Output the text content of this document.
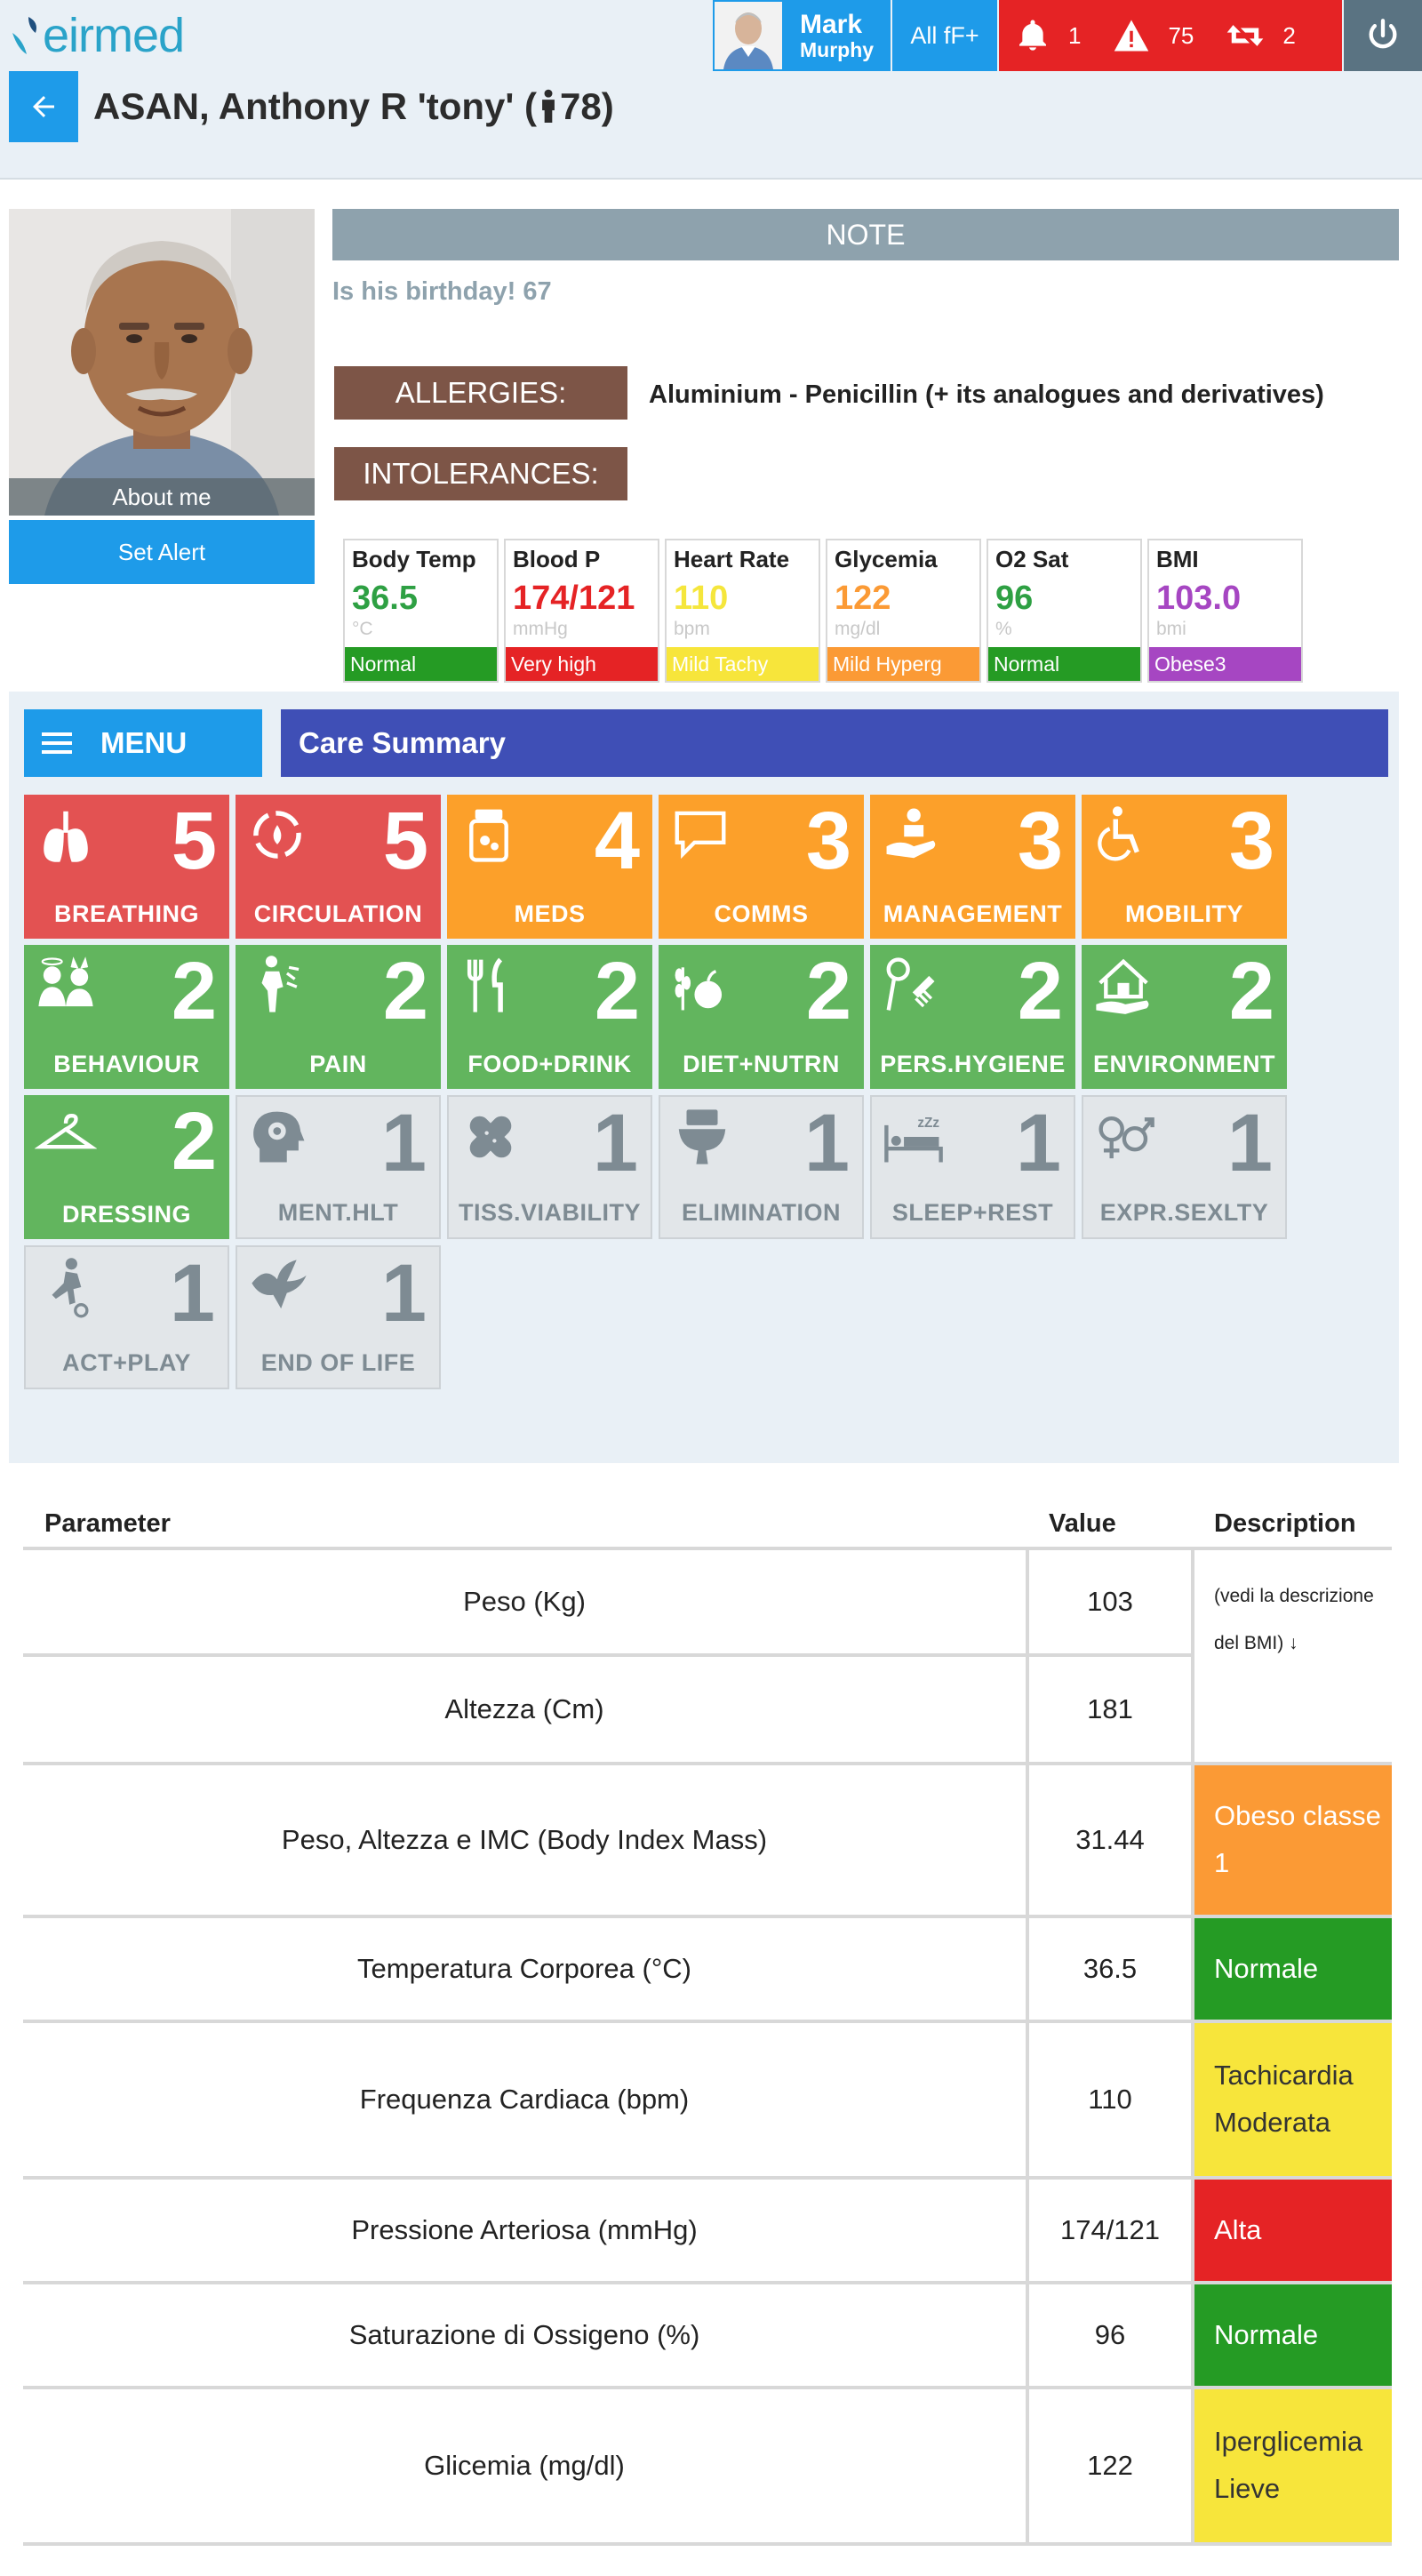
eirmed	Mark
Murphy
All fF+	1	75	2
ASAN, Anthony R 'tony' ( 78)
About me
Set Alert
NOTE
Is his birthday! 67
ALLERGIES:	Aluminium - Penicillin (+ its analogues and derivatives)
INTOLERANCES:
Body Temp
36.5
°C
Normal
Blood P
174/121
mmHg
Very high
Heart Rate
110
bpm
Mild Tachy
Glycemia
122
mg/dl
Mild Hyperg
O2 Sat
96
%
Normal
BMI
103.0
bmi
Obese3
MENU	Care Summary
5
BREATHING
5
CIRCULATION
4
MEDS
3
COMMS
3
MANAGEMENT
3
MOBILITY
2
BEHAVIOUR
2
PAIN
2
FOOD+DRINK
2
DIET+NUTRN
2
PERS.HYGIENE
2
ENVIRONMENT
2
DRESSING
1
MENT.HLT
1
TISS.VIABILITY
1
ELIMINATION
zZz 1
SLEEP+REST
1
EXPR.SEXLTY
1
ACT+PLAY
1
END OF LIFE
Parameter	Value	Description
Peso (Kg)	103	(vedi la descrizione del BMI) ↓
Altezza (Cm)	181	
Peso, Altezza e IMC (Body Index Mass)	31.44	Obeso classe 1
Temperatura Corporea (°C)	36.5	Normale
Frequenza Cardiaca (bpm)	110	Tachicardia Moderata
Pressione Arteriosa (mmHg)	174/121	Alta
Saturazione di Ossigeno (%)	96	Normale
Glicemia (mg/dl)	122	Iperglicemia Lieve
